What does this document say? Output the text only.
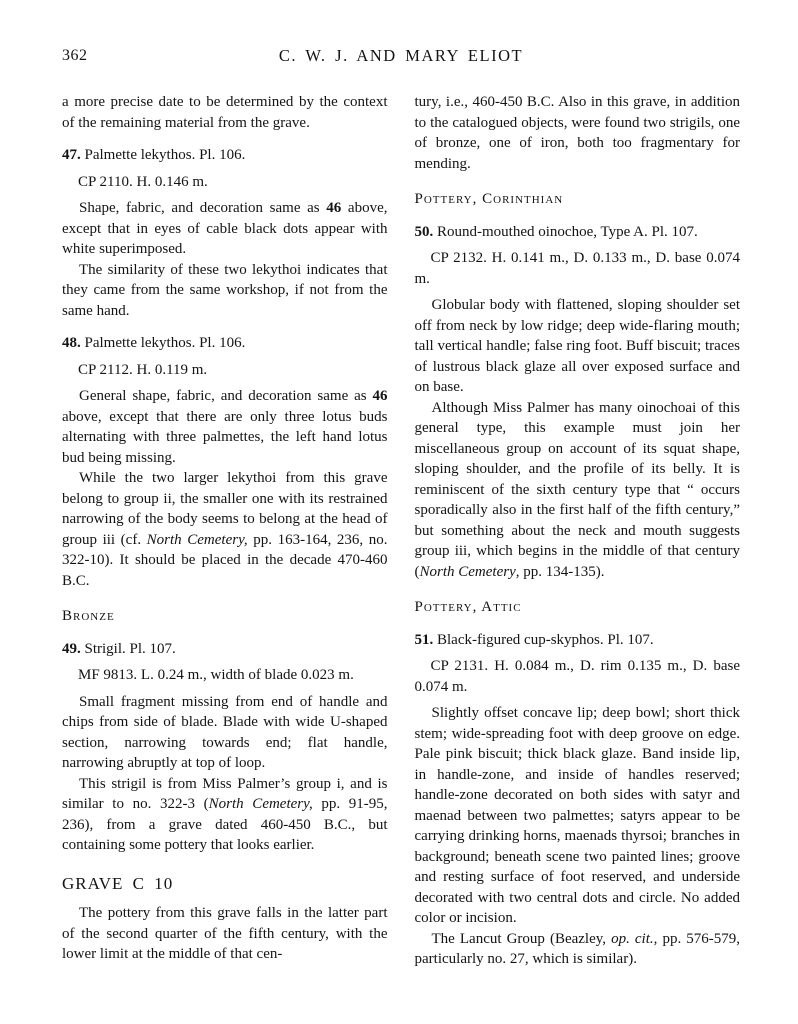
362	C. W. J. AND MARY ELIOT
a more precise date to be determined by the context of the remaining material from the grave.
47. Palmette lekythos. Pl. 106.
CP 2110. H. 0.146 m.
Shape, fabric, and decoration same as 46 above, except that in eyes of cable black dots appear with white superimposed.
The similarity of these two lekythoi indicates that they came from the same workshop, if not from the same hand.
48. Palmette lekythos. Pl. 106.
CP 2112. H. 0.119 m.
General shape, fabric, and decoration same as 46 above, except that there are only three lotus buds alternating with three palmettes, the left hand lotus bud being missing.
While the two larger lekythoi from this grave belong to group ii, the smaller one with its restrained narrowing of the body seems to belong at the head of group iii (cf. North Cemetery, pp. 163-164, 236, no. 322-10). It should be placed in the decade 470-460 B.C.
Bronze
49. Strigil. Pl. 107.
MF 9813. L. 0.24 m., width of blade 0.023 m.
Small fragment missing from end of handle and chips from side of blade. Blade with wide U-shaped section, narrowing towards end; flat handle, narrowing abruptly at top of loop.
This strigil is from Miss Palmer’s group i, and is similar to no. 322-3 (North Cemetery, pp. 91-95, 236), from a grave dated 460-450 B.C., but containing some pottery that looks earlier.
GRAVE C 10
The pottery from this grave falls in the latter part of the second quarter of the fifth century, with the lower limit at the middle of that cen-
tury, i.e., 460-450 B.C. Also in this grave, in addition to the catalogued objects, were found two strigils, one of bronze, one of iron, both too fragmentary for mending.
Pottery, Corinthian
50. Round-mouthed oinochoe, Type A. Pl. 107.
CP 2132. H. 0.141 m., D. 0.133 m., D. base 0.074 m.
Globular body with flattened, sloping shoulder set off from neck by low ridge; deep wide-flaring mouth; tall vertical handle; false ring foot. Buff biscuit; traces of lustrous black glaze all over exposed surface and on base.
Although Miss Palmer has many oinochoai of this general type, this example must join her miscellaneous group on account of its squat shape, sloping shoulder, and the profile of its belly. It is reminiscent of the sixth century type that “ occurs sporadically also in the first half of the fifth century,” but something about the neck and mouth suggests group iii, which begins in the middle of that century (North Cemetery, pp. 134-135).
Pottery, Attic
51. Black-figured cup-skyphos. Pl. 107.
CP 2131. H. 0.084 m., D. rim 0.135 m., D. base 0.074 m.
Slightly offset concave lip; deep bowl; short thick stem; wide-spreading foot with deep groove on edge. Pale pink biscuit; thick black glaze. Band inside lip, in handle-zone, and inside of handles reserved; handle-zone decorated on both sides with satyr and maenad between two palmettes; satyrs appear to be carrying drinking horns, maenads thyrsoi; branches in background; beneath scene two painted lines; groove and resting surface of foot reserved, and underside decorated with two central dots and circle. No added color or incision.
The Lancut Group (Beazley, op. cit., pp. 576-579, particularly no. 27, which is similar).
